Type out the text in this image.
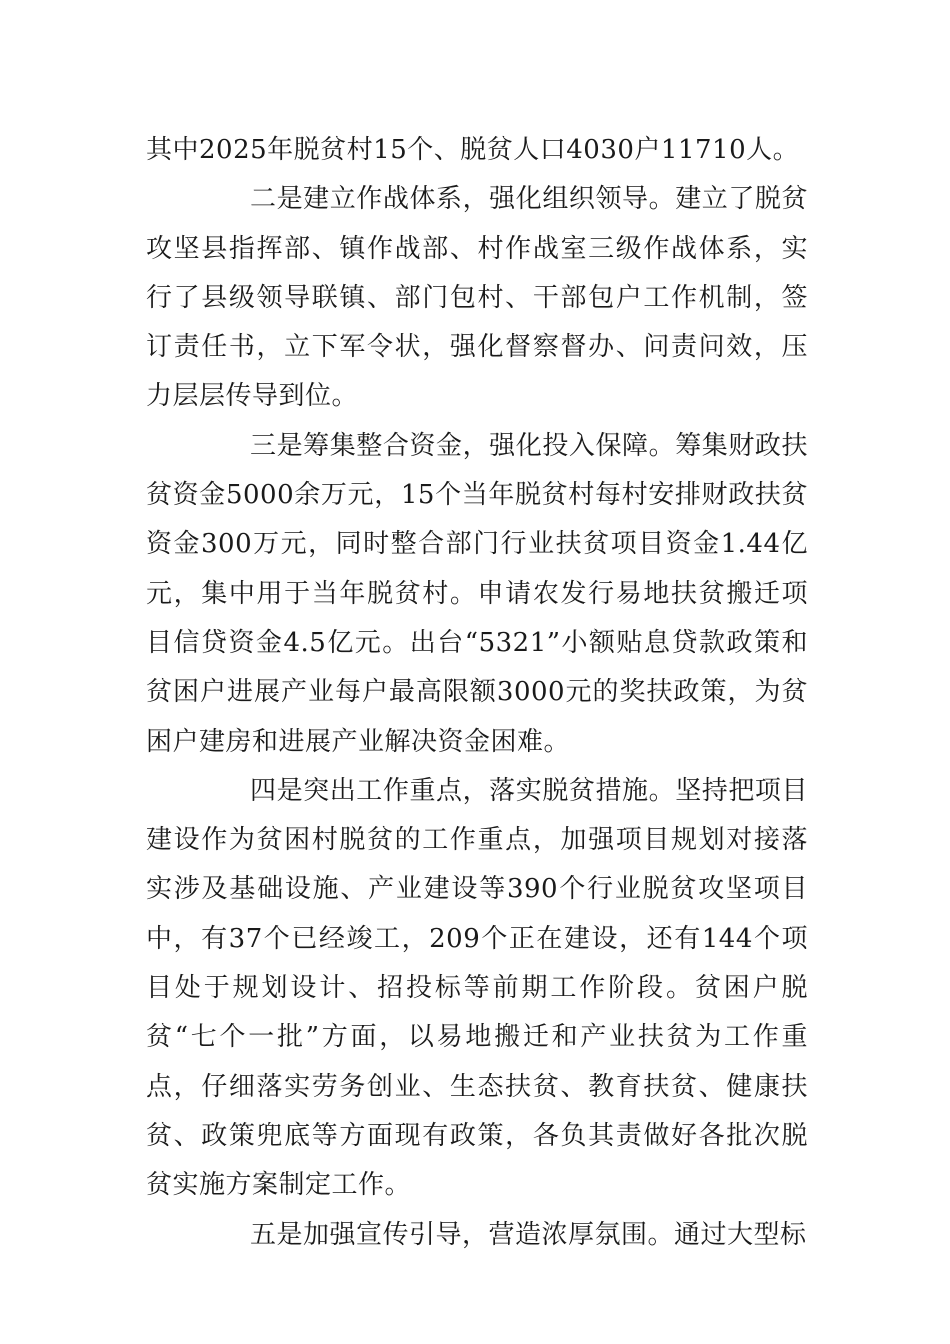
其中2025年脱贫村15个、脱贫人口4030户11710人。

二是建立作战体系，强化组织领导。建立了脱贫攻坚县指挥部、镇作战部、村作战室三级作战体系，实行了县级领导联镇、部门包村、干部包户工作机制，签订责任书，立下军令状，强化督察督办、问责问效，压力层层传导到位。

三是筹集整合资金，强化投入保障。筹集财政扶贫资金5000余万元，15个当年脱贫村每村安排财政扶贫资金300万元，同时整合部门行业扶贫项目资金1.44亿元，集中用于当年脱贫村。申请农发行易地扶贫搬迁项目信贷资金4.5亿元。出台“5321”小额贴息贷款政策和贫困户进展产业每户最高限额3000元的奖扶政策，为贫困户建房和进展产业解决资金困难。

四是突出工作重点，落实脱贫措施。坚持把项目建设作为贫困村脱贫的工作重点，加强项目规划对接落实涉及基础设施、产业建设等390个行业脱贫攻坚项目中，有37个已经竣工，209个正在建设，还有144个项目处于规划设计、招投标等前期工作阶段。贫困户脱贫“七个一批”方面，以易地搬迁和产业扶贫为工作重点，仔细落实劳务创业、生态扶贫、教育扶贫、健康扶贫、政策兜底等方面现有政策，各负其责做好各批次脱贫实施方案制定工作。

五是加强宣传引导，营造浓厚氛围。通过大型标
